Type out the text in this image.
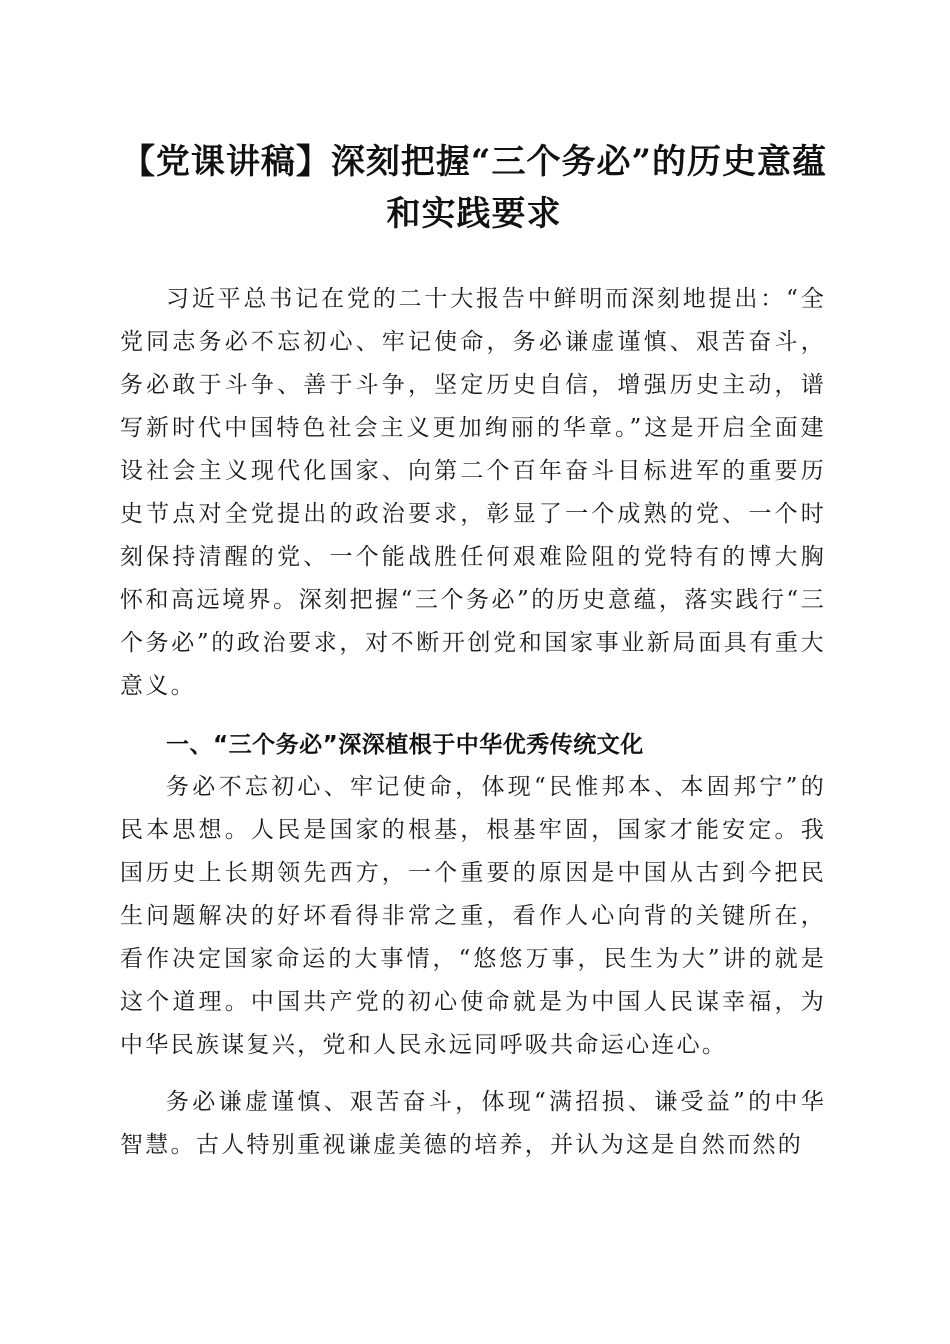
【党课讲稿】深刻把握“三个务必”的历史意蕴和实践要求

习近平总书记在党的二十大报告中鲜明而深刻地提出：“全党同志务必不忘初心、牢记使命，务必谦虚谨慎、艰苦奋斗，务必敢于斗争、善于斗争，坚定历史自信，增强历史主动，谱写新时代中国特色社会主义更加绚丽的华章。”这是开启全面建设社会主义现代化国家、向第二个百年奋斗目标进军的重要历史节点对全党提出的政治要求，彰显了一个成熟的党、一个时刻保持清醒的党、一个能战胜任何艰难险阻的党特有的博大胸怀和高远境界。深刻把握“三个务必”的历史意蕴，落实践行“三个务必”的政治要求，对不断开创党和国家事业新局面具有重大意义。

一、“三个务必”深深植根于中华优秀传统文化

务必不忘初心、牢记使命，体现“民惟邦本、本固邦宁”的民本思想。人民是国家的根基，根基牢固，国家才能安定。我国历史上长期领先西方，一个重要的原因是中国从古到今把民生问题解决的好坏看得非常之重，看作人心向背的关键所在，看作决定国家命运的大事情，“悠悠万事，民生为大”讲的就是这个道理。中国共产党的初心使命就是为中国人民谋幸福，为中华民族谋复兴，党和人民永远同呼吸共命运心连心。

务必谦虚谨慎、艰苦奋斗，体现“满招损、谦受益”的中华智慧。古人特别重视谦虚美德的培养，并认为这是自然而然的
